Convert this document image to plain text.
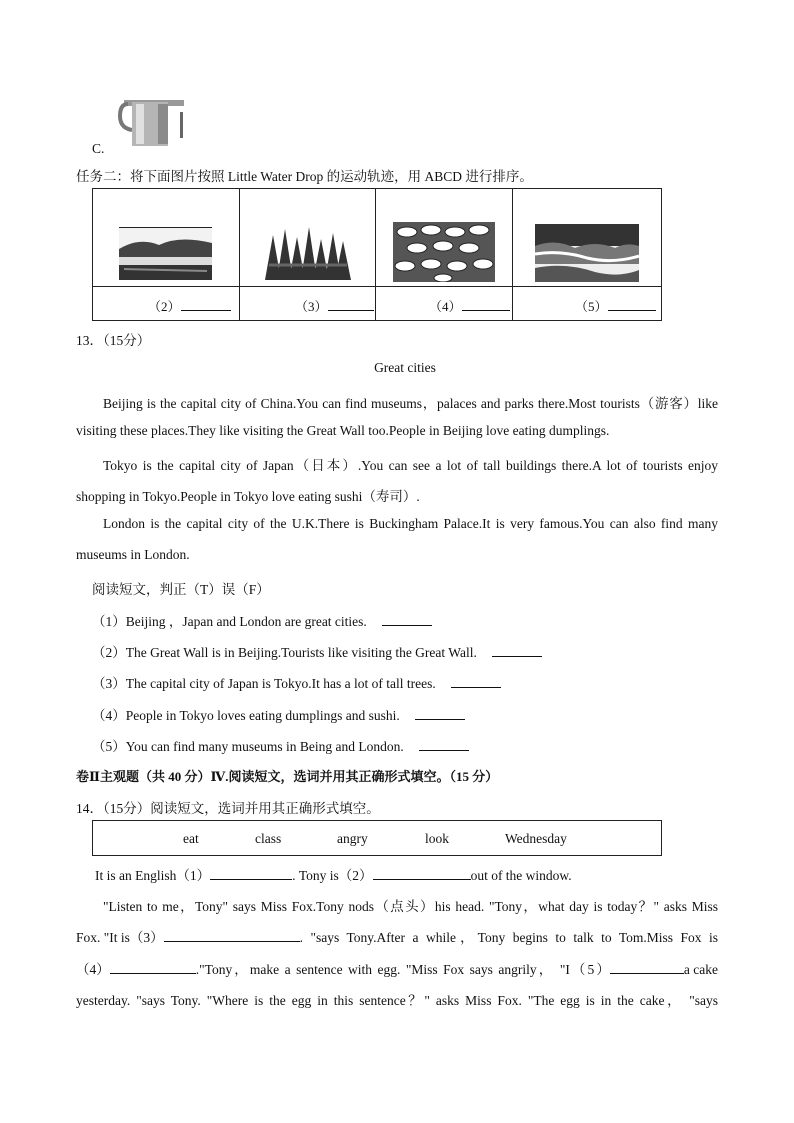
C.
任务二：将下面图片按照 Little Water Drop 的运动轨迹，用 ABCD 进行排序。
（2）	（3）	（4）	（5）
13．（15分）
Great cities
Beijing is the capital city of China.You can find museums，palaces and parks there.Most tourists（游客）like
visiting these places.They like visiting the Great Wall too.People in Beijing love eating dumplings.
Tokyo is the capital city of Japan（日本）.You can see a lot of tall buildings there.A lot of tourists enjoy
shopping in Tokyo.People in Tokyo love eating sushi（寿司）.
London is the capital city of the U.K.There is Buckingham Palace.It is very famous.You can also find many
museums in London.
阅读短文，判正（T）误（F）
（1）Beijing ，Japan and London are great cities.
（2）The Great Wall is in Beijing.Tourists like visiting the Great Wall.
（3）The capital city of Japan is Tokyo.It has a lot of tall trees.
（4）People in Tokyo loves eating dumplings and sushi.
（5）You can find many museums in Being and London.
卷Ⅱ主观题（共 40 分）Ⅳ.阅读短文，选词并用其正确形式填空。（15 分）
14．（15分）阅读短文，选词并用其正确形式填空。
eat	class	angry	look	Wednesday
It is an English（1）	. Tony is（2）	out of the window.
"Listen to me，Tony" says Miss Fox.Tony nods（点头）his head. "Tony，what day is today？" asks Miss
Fox. "It is（3）	. "says Tony.After a while，Tony begins to talk to Tom.Miss Fox is
（4）	."Tony，make a sentence with egg. "Miss Fox says angrily， "I（5）	a cake
yesterday. "says Tony. "Where is the egg in this sentence？" asks Miss Fox. "The egg is in the cake， "says
